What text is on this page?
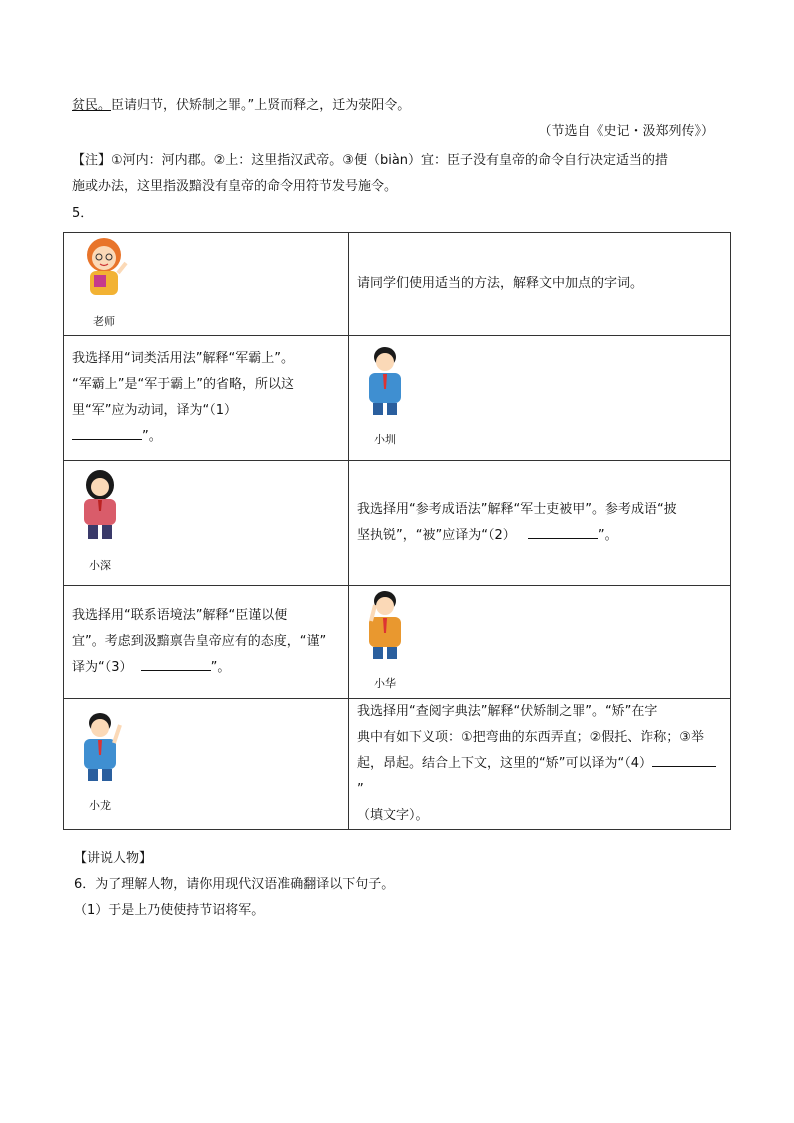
贫民。臣请归节，伏矫制之罪。”上贤而释之，迁为荥阳令。
（节选自《史记・汲郑列传》）
【注】①河内：河内郡。②上：这里指汉武帝。③便（biàn）宜：臣子没有皇帝的命令自行决定适当的措
施或办法，这里指汲黯没有皇帝的命令用符节发号施令。
5．
老师	请同学们使用适当的方法，解释文中加点的字词。

我选择用“词类活用法”解释“军霸上”。
“军霸上”是“军于霸上”的省略，所以这
里“军”应为动词，译为“（1）
”。	小圳

小深	我选择用“参考成语法”解释“军士吏被甲”。参考成语“披
坚执锐”，“被”应译为“（2） ”。

我选择用“联系语境法”解释“臣谨以便
宜”。考虑到汲黯禀告皇帝应有的态度，“谨”
译为“（3） ”。	小华

小龙	我选择用“查阅字典法”解释“伏矫制之罪”。“矫”在字
典中有如下义项：①把弯曲的东西弄直；②假托、诈称；③举
起，昂起。结合上下文，这里的“矫”可以译为“（4）”
（填文字）。
【讲说人物】
6．为了理解人物，请你用现代汉语准确翻译以下句子。
（1）于是上乃使使持节诏将军。
